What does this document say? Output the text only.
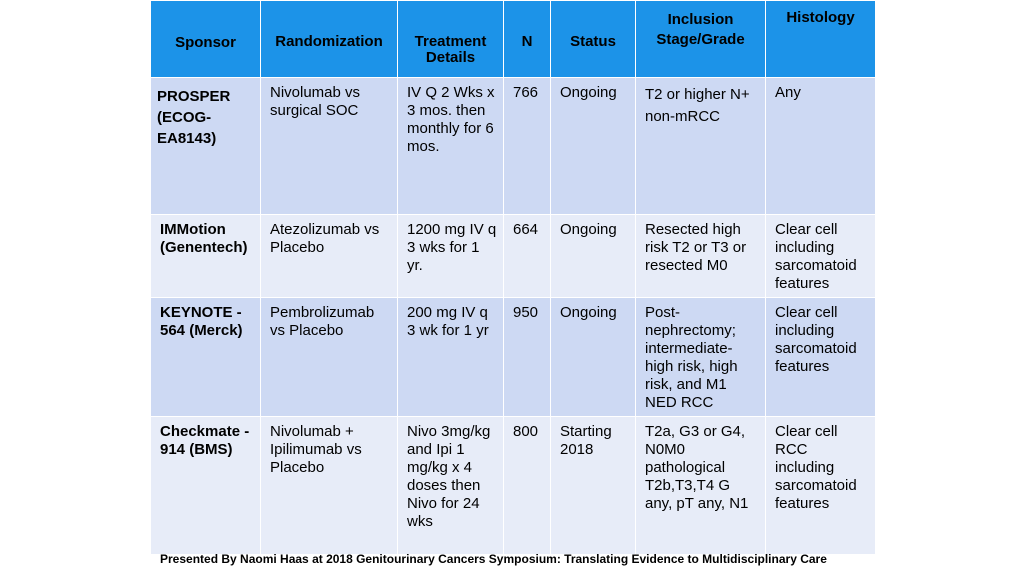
Sponsor	Randomization	Treatment Details	N	Status	Inclusion Stage/Grade	Histology

PROSPER (ECOG-EA8143)	Nivolumab vs surgical SOC	IV Q 2 Wks x 3 mos. then monthly for 6 mos.	766	Ongoing	T2 or higher N+ non-mRCC	Any
IMMotion (Genentech)	Atezolizumab vs Placebo	1200 mg IV q 3 wks for 1 yr.	664	Ongoing	Resected high risk T2 or T3 or resected M0	Clear cell including sarcomatoid features
KEYNOTE - 564 (Merck)	Pembrolizumab vs Placebo	200 mg IV q 3 wk for 1 yr	950	Ongoing	Post-nephrectomy; intermediate-high risk, high risk, and M1 NED RCC	Clear cell including sarcomatoid features
Checkmate - 914 (BMS)	Nivolumab + Ipilimumab vs Placebo	Nivo 3mg/kg and Ipi 1 mg/kg x 4 doses then Nivo for 24 wks	800	Starting 2018	T2a, G3 or G4, N0M0 pathological T2b,T3,T4 G any, pT any, N1	Clear cell RCC including sarcomatoid features
Presented By Naomi Haas at 2018 Genitourinary Cancers Symposium: Translating Evidence to Multidisciplinary Care
